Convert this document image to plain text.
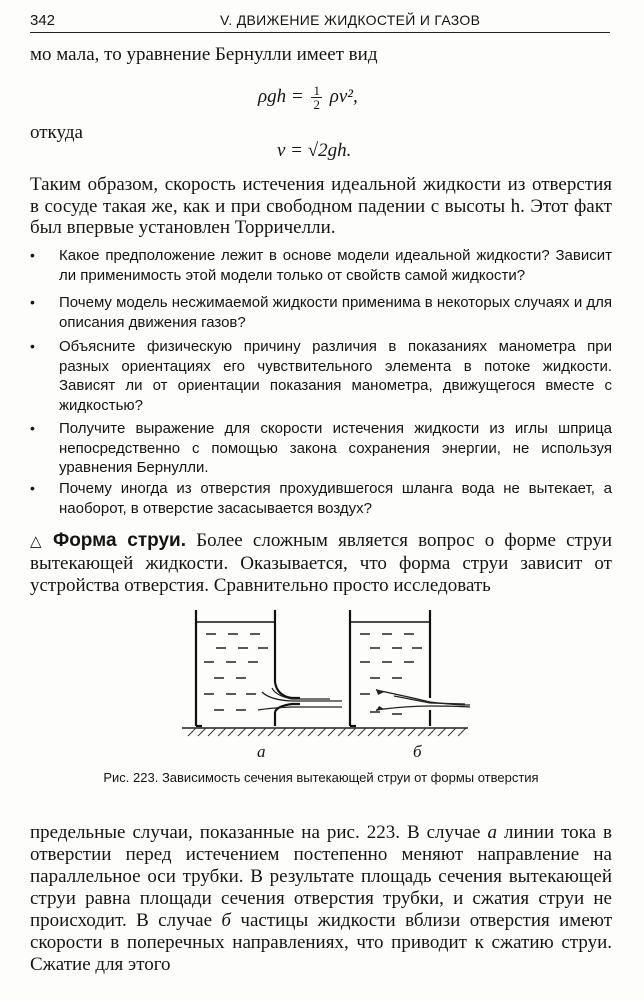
342	V. ДВИЖЕНИЕ ЖИДКОСТЕЙ И ГАЗОВ
мо мала, то уравнение Бернулли имеет вид
$\rho gh = \frac{1}{2} \rho v^2$,
откуда
v = √2gh.
Таким образом, скорость истечения идеальной жидкости из отверстия в сосуде такая же, как и при свободном падении с высоты h. Этот факт был впервые установлен Торричелли.
• Какое предположение лежит в основе модели идеальной жидкости? Зависит ли применимость этой модели только от свойств самой жидкости?
• Почему модель несжимаемой жидкости применима в некоторых случаях и для описания движения газов?
• Объясните физическую причину различия в показаниях манометра при разных ориентациях его чувствительного элемента в потоке жидкости. Зависят ли от ориентации показания манометра, движущегося вместе с жидкостью?
• Получите выражение для скорости истечения жидкости из иглы шприца непосредственно с помощью закона сохранения энергии, не используя уравнения Бернулли.
• Почему иногда из отверстия прохудившегося шланга вода не вытекает, а наоборот, в отверстие засасывается воздух?
△ Форма струи. Более сложным является вопрос о форме струи вытекающей жидкости. Оказывается, что форма струи зависит от устройства отверстия. Сравнительно просто исследовать
а	б
Рис. 223. Зависимость сечения вытекающей струи от формы отверстия
предельные случаи, показанные на рис. 223. В случае а линии тока в отверстии перед истечением постепенно меняют направление на параллельное оси трубки. В результате площадь сечения вытекающей струи равна площади сечения отверстия трубки, и сжатия струи не происходит. В случае б частицы жидкости вблизи отверстия имеют скорости в поперечных направлениях, что приводит к сжатию струи. Сжатие для этого
